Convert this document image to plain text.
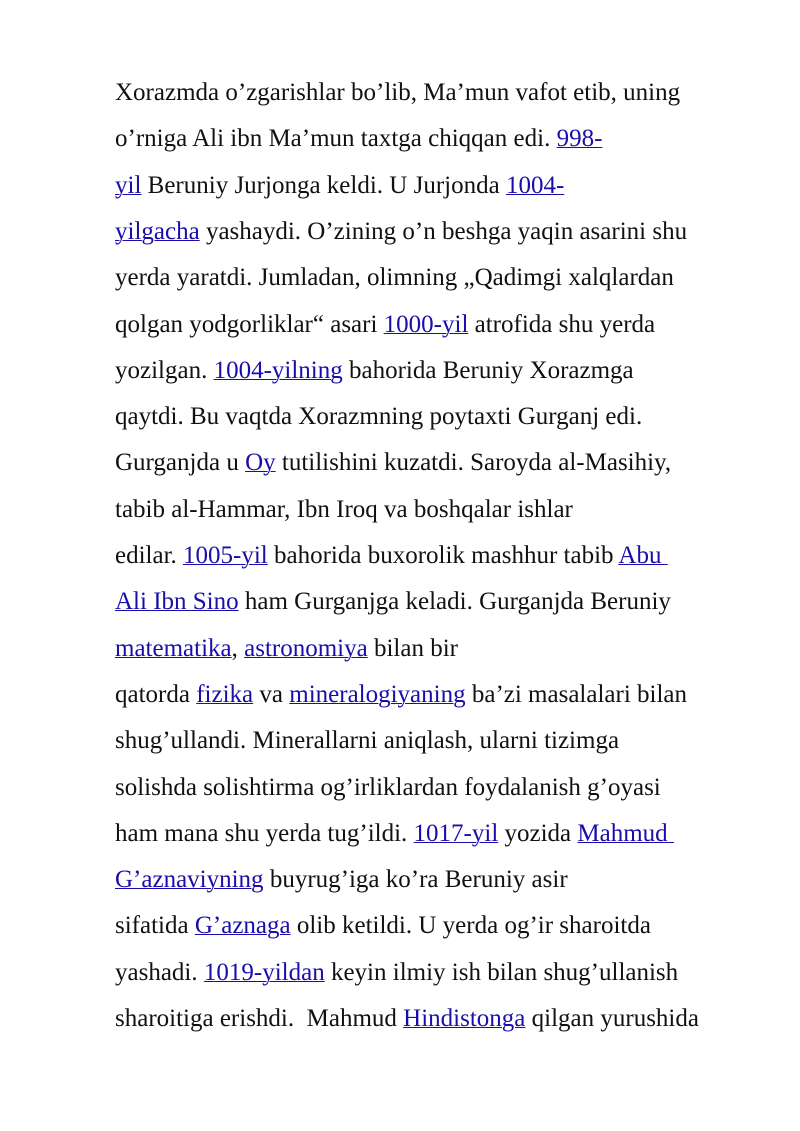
Xorazmda o’zgarishlar bo’lib, Ma’mun vafot etib, uning
o’rniga Ali ibn Ma’mun taxtga chiqqan edi. 998-
yil Beruniy Jurjonga keldi. U Jurjonda 1004-
yilgacha yashaydi. O’zining o’n beshga yaqin asarini shu
yerda yaratdi. Jumladan, olimning „Qadimgi xalqlardan
qolgan yodgorliklar“ asari 1000-yil atrofida shu yerda
yozilgan. 1004-yilning bahorida Beruniy Xorazmga
qaytdi. Bu vaqtda Xorazmning poytaxti Gurganj edi.
Gurganjda u Oy tutilishini kuzatdi. Saroyda al-Masihiy,
tabib al-Hammar, Ibn Iroq va boshqalar ishlar
edilar. 1005-yil bahorida buxorolik mashhur tabib Abu
Ali Ibn Sino ham Gurganjga keladi. Gurganjda Beruniy
matematika, astronomiya bilan bir
qatorda fizika va mineralogiyaning ba’zi masalalari bilan
shug’ullandi. Minerallarni aniqlash, ularni tizimga
solishda solishtirma og’irliklardan foydalanish g’oyasi
ham mana shu yerda tug’ildi. 1017-yil yozida Mahmud
G’aznaviyning buyrug’iga ko’ra Beruniy asir
sifatida G’aznaga olib ketildi. U yerda og’ir sharoitda
yashadi. 1019-yildan keyin ilmiy ish bilan shug’ullanish
sharoitiga erishdi.  Mahmud Hindistonga qilgan yurushida
